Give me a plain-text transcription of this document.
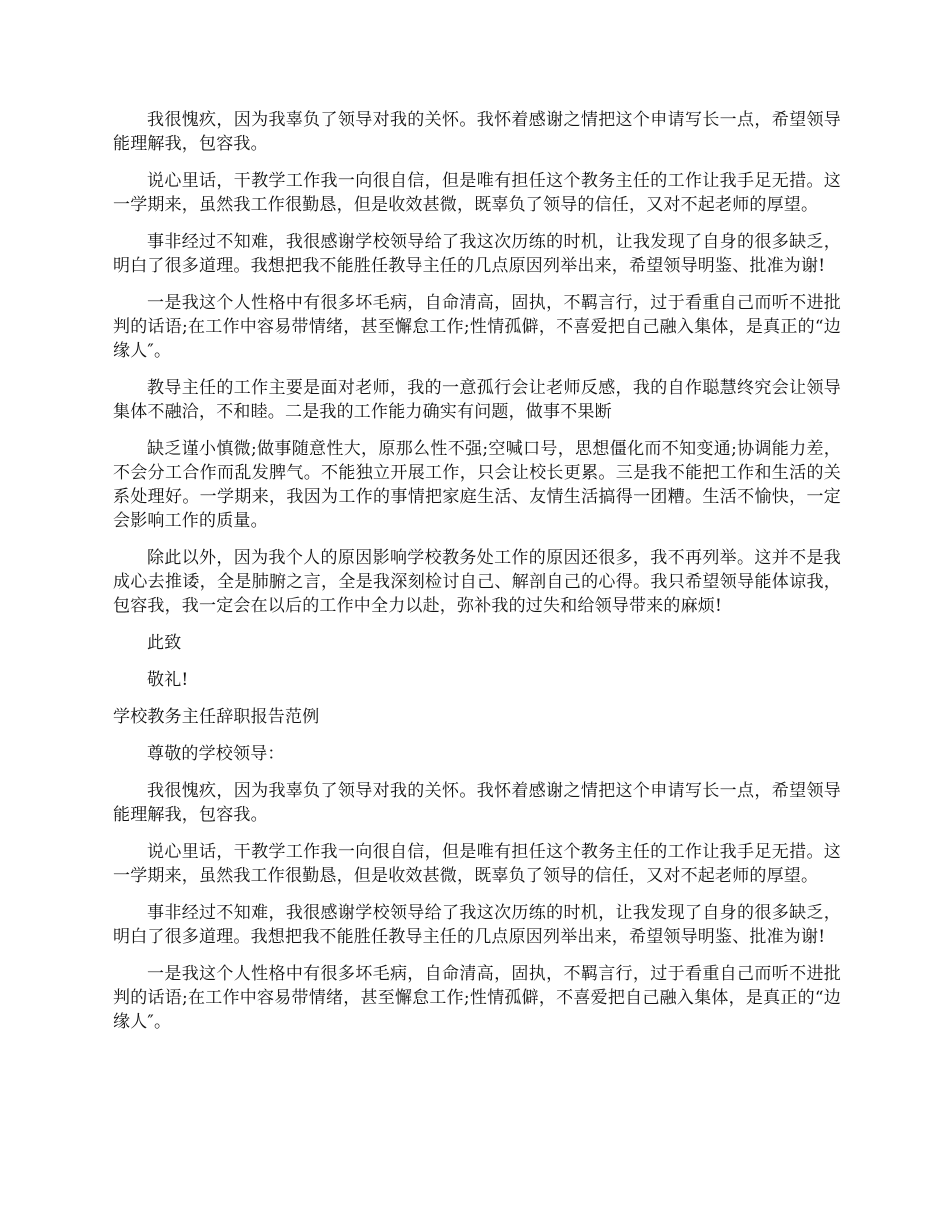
我很愧疚，因为我辜负了领导对我的关怀。我怀着感谢之情把这个申请写长一点，希望领导能理解我，包容我。

说心里话，干教学工作我一向很自信，但是唯有担任这个教务主任的工作让我手足无措。这一学期来，虽然我工作很勤恳，但是收效甚微，既辜负了领导的信任，又对不起老师的厚望。

事非经过不知难，我很感谢学校领导给了我这次历练的时机，让我发现了自身的很多缺乏，明白了很多道理。我想把我不能胜任教导主任的几点原因列举出来，希望领导明鉴、批准为谢!

一是我这个人性格中有很多坏毛病，自命清高，固执，不羁言行，过于看重自己而听不进批判的话语;在工作中容易带情绪，甚至懈怠工作;性情孤僻，不喜爱把自己融入集体，是真正的“边缘人″。

教导主任的工作主要是面对老师，我的一意孤行会让老师反感，我的自作聪慧终究会让领导集体不融洽，不和睦。二是我的工作能力确实有问题，做事不果断

缺乏谨小慎微;做事随意性大，原那么性不强;空喊口号，思想僵化而不知变通;协调能力差，不会分工合作而乱发脾气。不能独立开展工作，只会让校长更累。三是我不能把工作和生活的关系处理好。一学期来，我因为工作的事情把家庭生活、友情生活搞得一团糟。生活不愉快，一定会影响工作的质量。

除此以外，因为我个人的原因影响学校教务处工作的原因还很多，我不再列举。这并不是我成心去推诿，全是肺腑之言，全是我深刻检讨自己、解剖自己的心得。我只希望领导能体谅我，包容我，我一定会在以后的工作中全力以赴，弥补我的过失和给领导带来的麻烦!

此致

敬礼!

学校教务主任辞职报告范例

尊敬的学校领导：

我很愧疚，因为我辜负了领导对我的关怀。我怀着感谢之情把这个申请写长一点，希望领导能理解我，包容我。

说心里话，干教学工作我一向很自信，但是唯有担任这个教务主任的工作让我手足无措。这一学期来，虽然我工作很勤恳，但是收效甚微，既辜负了领导的信任，又对不起老师的厚望。

事非经过不知难，我很感谢学校领导给了我这次历练的时机，让我发现了自身的很多缺乏，明白了很多道理。我想把我不能胜任教导主任的几点原因列举出来，希望领导明鉴、批准为谢!

一是我这个人性格中有很多坏毛病，自命清高，固执，不羁言行，过于看重自己而听不进批判的话语;在工作中容易带情绪，甚至懈怠工作;性情孤僻，不喜爱把自己融入集体，是真正的“边缘人″。
